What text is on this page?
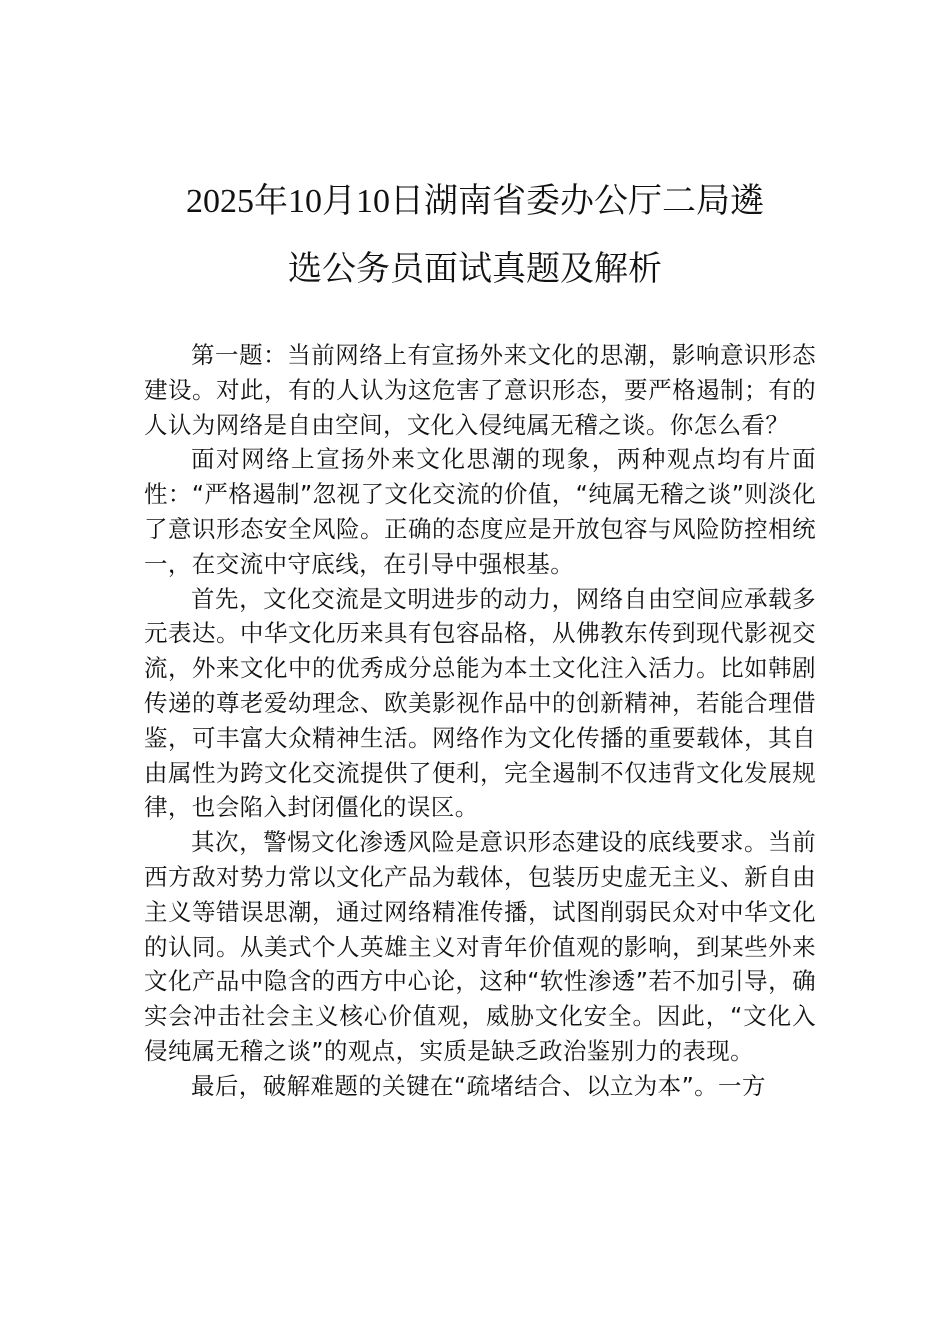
2025年10月10日湖南省委办公厅二局遴
选公务员面试真题及解析

第一题：当前网络上有宣扬外来文化的思潮，影响意识形态建设。对此，有的人认为这危害了意识形态，要严格遏制；有的人认为网络是自由空间，文化入侵纯属无稽之谈。你怎么看？

面对网络上宣扬外来文化思潮的现象，两种观点均有片面性：“严格遏制”忽视了文化交流的价值，“纯属无稽之谈”则淡化了意识形态安全风险。正确的态度应是开放包容与风险防控相统一，在交流中守底线，在引导中强根基。

首先，文化交流是文明进步的动力，网络自由空间应承载多元表达。中华文化历来具有包容品格，从佛教东传到现代影视交流，外来文化中的优秀成分总能为本土文化注入活力。比如韩剧传递的尊老爱幼理念、欧美影视作品中的创新精神，若能合理借鉴，可丰富大众精神生活。网络作为文化传播的重要载体，其自由属性为跨文化交流提供了便利，完全遏制不仅违背文化发展规律，也会陷入封闭僵化的误区。

其次，警惕文化渗透风险是意识形态建设的底线要求。当前西方敌对势力常以文化产品为载体，包装历史虚无主义、新自由主义等错误思潮，通过网络精准传播，试图削弱民众对中华文化的认同。从美式个人英雄主义对青年价值观的影响，到某些外来文化产品中隐含的西方中心论，这种“软性渗透”若不加引导，确实会冲击社会主义核心价值观，威胁文化安全。因此，“文化入侵纯属无稽之谈”的观点，实质是缺乏政治鉴别力的表现。

最后，破解难题的关键在“疏堵结合、以立为本”。一方
